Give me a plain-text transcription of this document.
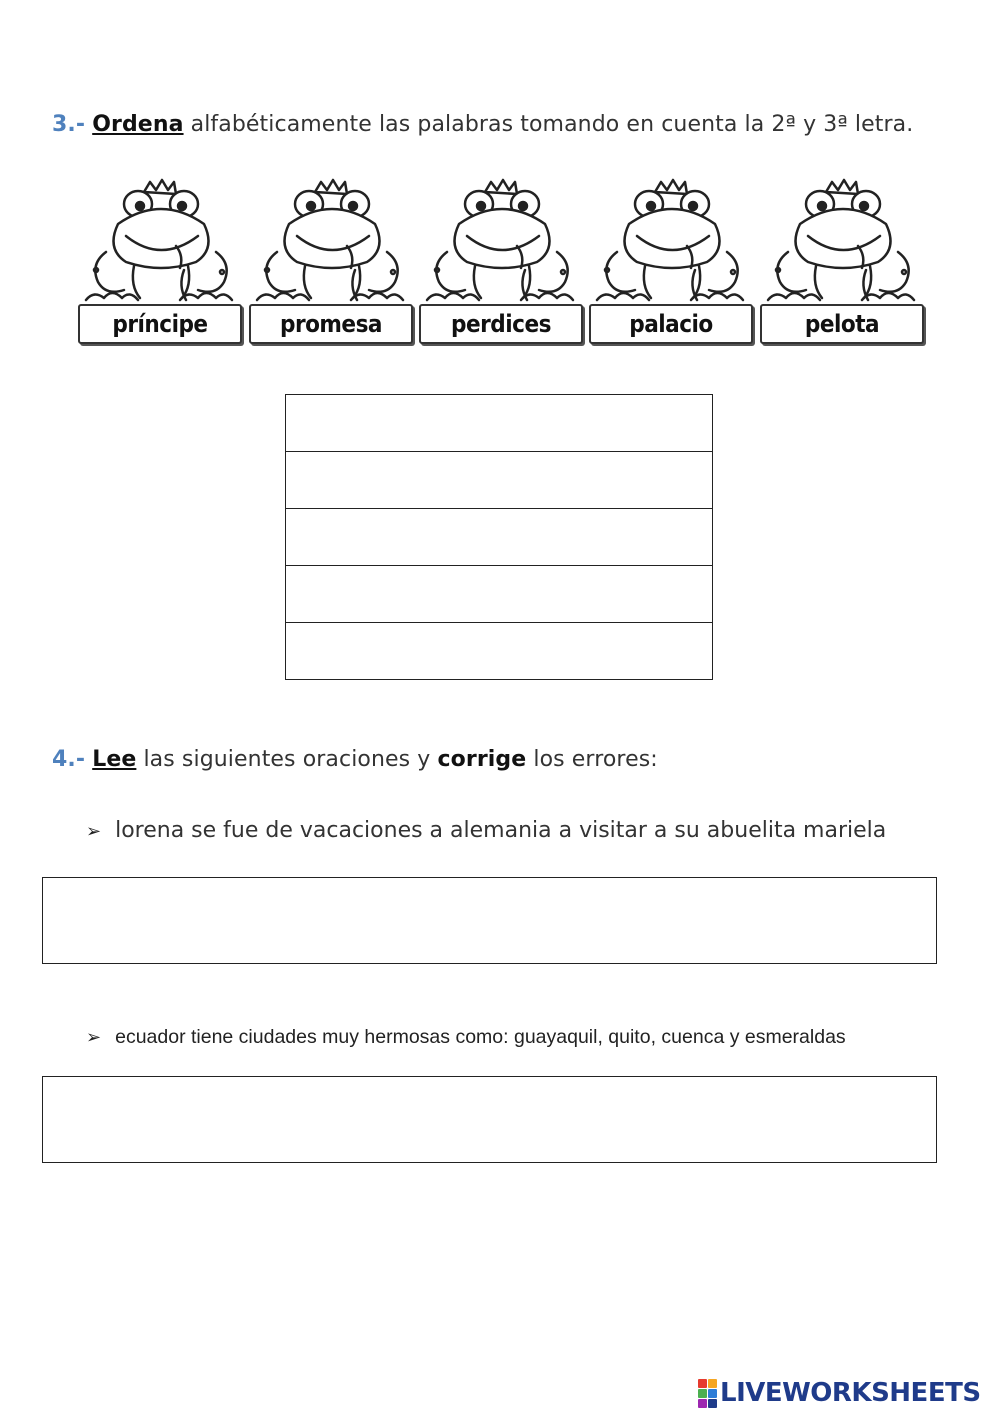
3.- Ordena alfabéticamente las palabras tomando en cuenta la 2ª y 3ª letra.
príncipe	promesa	perdices	palacio	pelota

4.- Lee las siguientes oraciones y corrige los errores:
➢ lorena se fue de vacaciones a alemania a visitar a su abuelita mariela
➢ ecuador tiene ciudades muy hermosas como: guayaquil, quito, cuenca y esmeraldas
LIVEWORKSHEETS
